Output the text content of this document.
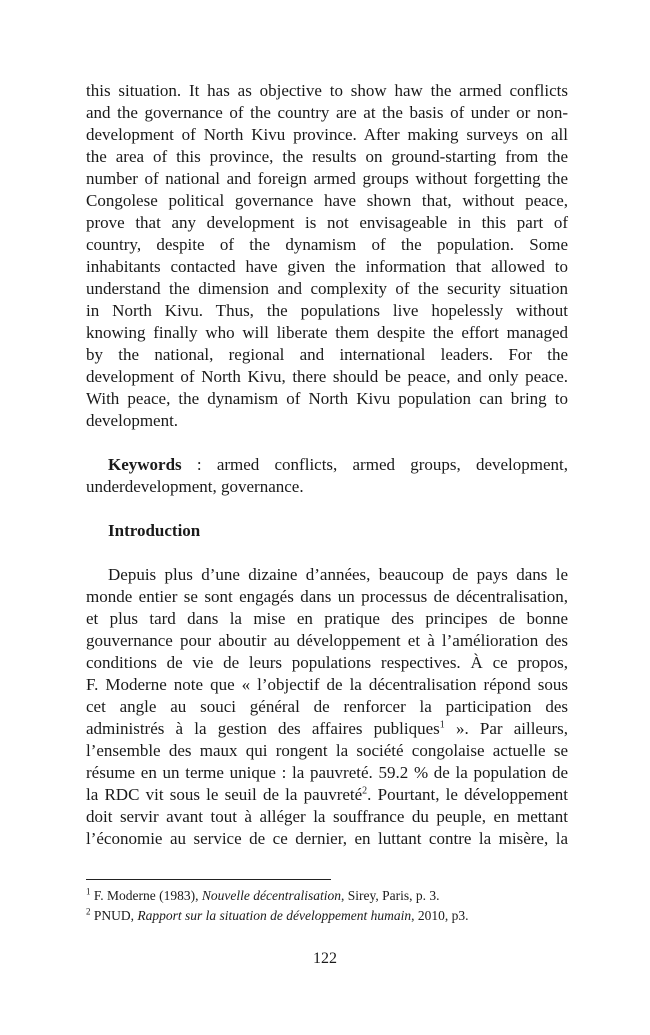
this situation. It has as objective to show haw the armed conflicts
and the governance of the country are at the basis of under or non-
development of North Kivu province. After making surveys on all
the area of this province, the results on ground-starting from the
number of national and foreign armed groups without forgetting the
Congolese political governance have shown that, without peace,
prove that any development is not envisageable in this part of
country, despite of the dynamism of the population. Some
inhabitants contacted have given the information that allowed to
understand the dimension and complexity of the security situation
in North Kivu. Thus, the populations live hopelessly without
knowing finally who will liberate them despite the effort managed
by the national, regional and international leaders. For the
development of North Kivu, there should be peace, and only peace.
With peace, the dynamism of North Kivu population can bring to
development.
Keywords : armed conflicts, armed groups, development,
underdevelopment, governance.
Introduction
Depuis plus d’une dizaine d’années, beaucoup de pays dans le
monde entier se sont engagés dans un processus de décentralisation,
et plus tard dans la mise en pratique des principes de bonne
gouvernance pour aboutir au développement et à l’amélioration des
conditions de vie de leurs populations respectives. À ce propos,
F. Moderne note que « l’objectif de la décentralisation répond sous
cet angle au souci général de renforcer la participation des
administrés à la gestion des affaires publiques$^1$ ». Par ailleurs,
l’ensemble des maux qui rongent la société congolaise actuelle se
résume en un terme unique : la pauvreté. 59.2 % de la population de
la RDC vit sous le seuil de la pauvreté$^2$. Pourtant, le développement
doit servir avant tout à alléger la souffrance du peuple, en mettant
l’économie au service de ce dernier, en luttant contre la misère, la
$^1$ F. Moderne (1983), Nouvelle décentralisation, Sirey, Paris, p. 3.
$^2$ PNUD, Rapport sur la situation de développement humain, 2010, p3.
122
